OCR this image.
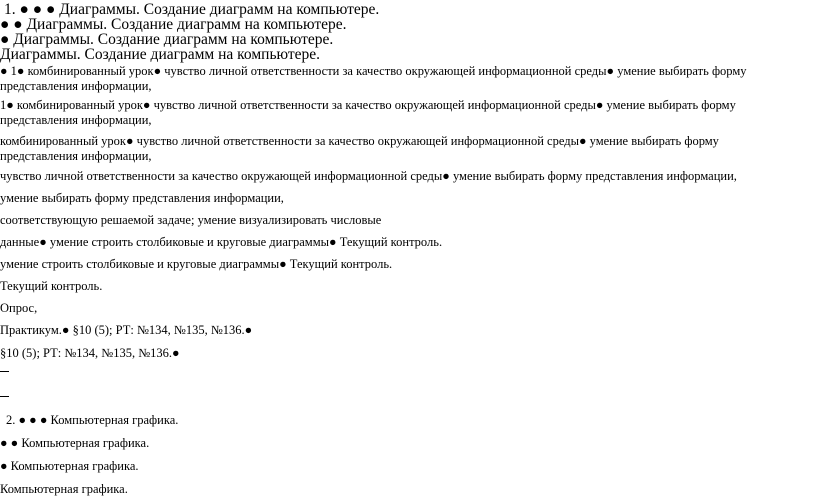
1. ● ● ● Диаграммы. Создание диаграмм на компьютере.
● ● Диаграммы. Создание диаграмм на компьютере.
● Диаграммы. Создание диаграмм на компьютере.
Диаграммы. Создание диаграмм на компьютере.
● 1● комбинированный урок● чувство личной ответственности за качество окружающей информационной среды● умение выбирать форму представления информации,
1● комбинированный урок● чувство личной ответственности за качество окружающей информационной среды● умение выбирать форму представления информации,
комбинированный урок● чувство личной ответственности за качество окружающей информационной среды● умение выбирать форму представления информации,
чувство личной ответственности за качество окружающей информационной среды● умение выбирать форму представления информации,
умение выбирать форму представления информации,
соответствующую решаемой задаче; умение визуализировать числовые
данные● умение строить столбиковые и круговые диаграммы● Текущий контроль.
умение строить столбиковые и круговые диаграммы● Текущий контроль.
Текущий контроль.
Опрос,
Практикум.● §10 (5); РТ: №134, №135, №136.●
§10 (5); РТ: №134, №135, №136.●
2. ● ● ● Компьютерная графика.
● ● Компьютерная графика.
● Компьютерная графика.
Компьютерная графика.
